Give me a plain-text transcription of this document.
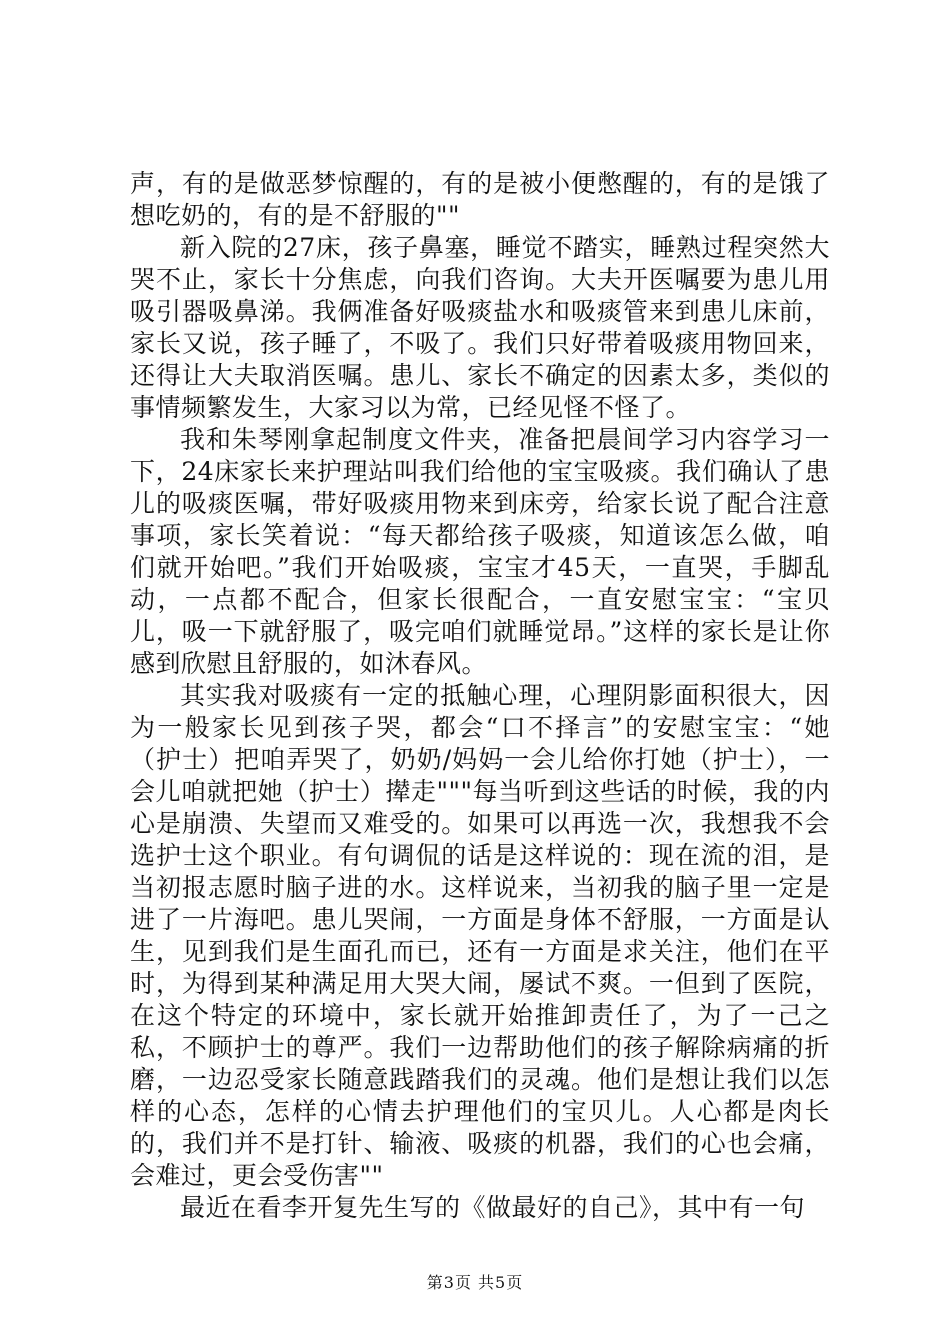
声，有的是做恶梦惊醒的，有的是被小便憋醒的，有的是饿了想吃奶的，有的是不舒服的""

新入院的27床，孩子鼻塞，睡觉不踏实，睡熟过程突然大哭不止，家长十分焦虑，向我们咨询。大夫开医嘱要为患儿用吸引器吸鼻涕。我俩准备好吸痰盐水和吸痰管来到患儿床前，家长又说，孩子睡了，不吸了。我们只好带着吸痰用物回来，还得让大夫取消医嘱。患儿、家长不确定的因素太多，类似的事情频繁发生，大家习以为常，已经见怪不怪了。

我和朱琴刚拿起制度文件夹，准备把晨间学习内容学习一下，24床家长来护理站叫我们给他的宝宝吸痰。我们确认了患儿的吸痰医嘱，带好吸痰用物来到床旁，给家长说了配合注意事项，家长笑着说：“每天都给孩子吸痰，知道该怎么做，咱们就开始吧。”我们开始吸痰，宝宝才45天，一直哭，手脚乱动，一点都不配合，但家长很配合，一直安慰宝宝：“宝贝儿，吸一下就舒服了，吸完咱们就睡觉昂。”这样的家长是让你感到欣慰且舒服的，如沐春风。

其实我对吸痰有一定的抵触心理，心理阴影面积很大，因为一般家长见到孩子哭，都会“口不择言”的安慰宝宝：“她（护士）把咱弄哭了，奶奶/妈妈一会儿给你打她（护士），一会儿咱就把她（护士）撵走"""每当听到这些话的时候，我的内心是崩溃、失望而又难受的。如果可以再选一次，我想我不会选护士这个职业。有句调侃的话是这样说的：现在流的泪，是当初报志愿时脑子进的水。这样说来，当初我的脑子里一定是进了一片海吧。患儿哭闹，一方面是身体不舒服，一方面是认生，见到我们是生面孔而已，还有一方面是求关注，他们在平时，为得到某种满足用大哭大闹，屡试不爽。一但到了医院，在这个特定的环境中，家长就开始推卸责任了，为了一己之私，不顾护士的尊严。我们一边帮助他们的孩子解除病痛的折磨，一边忍受家长随意践踏我们的灵魂。他们是想让我们以怎样的心态，怎样的心情去护理他们的宝贝儿。人心都是肉长的，我们并不是打针、输液、吸痰的机器，我们的心也会痛，会难过，更会受伤害""

最近在看李开复先生写的《做最好的自己》，其中有一句

第3页 共5页
